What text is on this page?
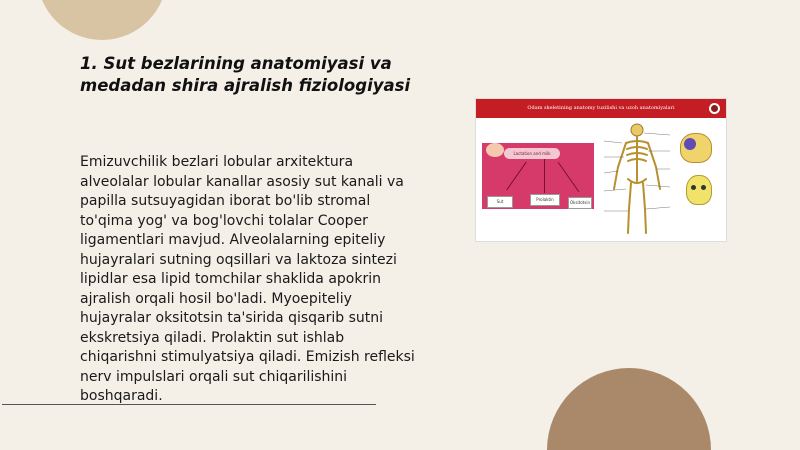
1. Sut bezlarining anatomiyasi va medadan shira ajralish fiziologiyasi

Emizuvchilik bezlari lobular arxitektura alveolalar lobular kanallar asosiy sut kanali va papilla sutsuyagidan iborat bo'lib stromal to'qima yog' va bog'lovchi tolalar Cooper ligamentlari mavjud. Alveolalarning epiteliy hujayralari sutning oqsillari va laktoza sintezi lipidlar esa lipid tomchilar shaklida apokrin ajralish orqali hosil bo'ladi. Myoepiteliy hujayralar oksitotsin ta'sirida qisqarib sutni ekskretsiya qiladi. Prolaktin sut ishlab chiqarishni stimulyatsiya qiladi. Emizish refleksi nerv impulslari orqali sut chiqarilishini boshqaradi.

Odam skeletining anatomy tuzilishi va uzoh anatomiyalari
Lactation and milk
Sut	Prolaktin
Oksitotsin
